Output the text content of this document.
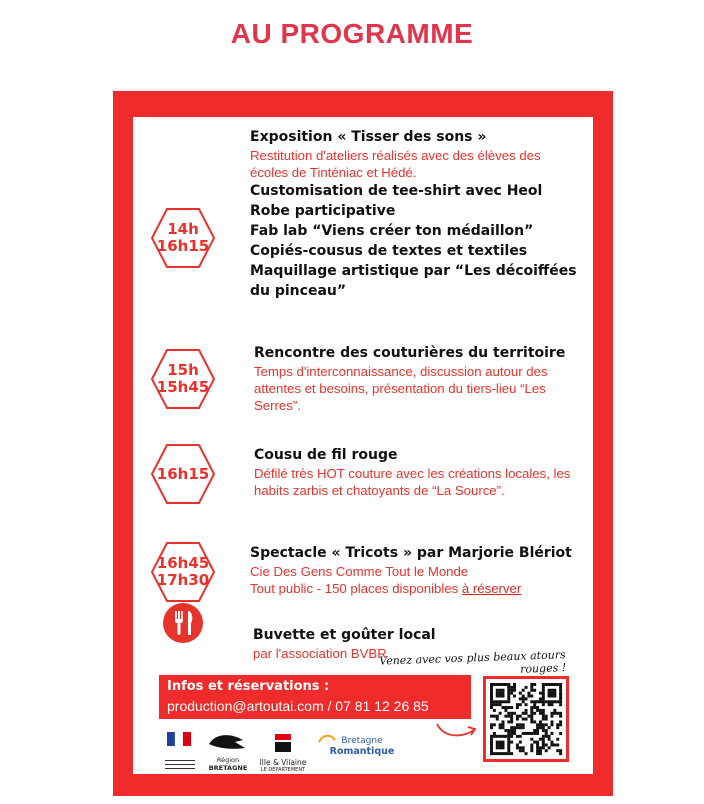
AU PROGRAMME
14h
16h15
Exposition « Tisser des sons »
Restitution d'ateliers réalisés avec des élèves des écoles de Tinténiac et Hédé.
Customisation de tee-shirt avec Heol
Robe participative
Fab lab “Viens créer ton médaillon”
Copiés-cousus de textes et textiles
Maquillage artistique par “Les décoiffées du pinceau”
15h
15h45
Rencontre des couturières du territoire
Temps d'interconnaissance, discussion autour des attentes et besoins, présentation du tiers-lieu “Les Serres”.
16h15
Cousu de fil rouge
Défilé très HOT couture avec les créations locales, les habits zarbis et chatoyants de “La Source”.
16h45
17h30
Spectacle « Tricots » par Marjorie Blériot
Cie Des Gens Comme Tout le Monde
Tout public - 150 places disponibles à réserver
Buvette et goûter local
par l'association BVBR
Venez avec vos plus beaux atours rouges !
Infos et réservations :
production@artoutai.com / 07 81 12 26 85
Région
BRETAGNE
Ille & Vilaine
LE DÉPARTEMENT
Bretagne
Romantique
